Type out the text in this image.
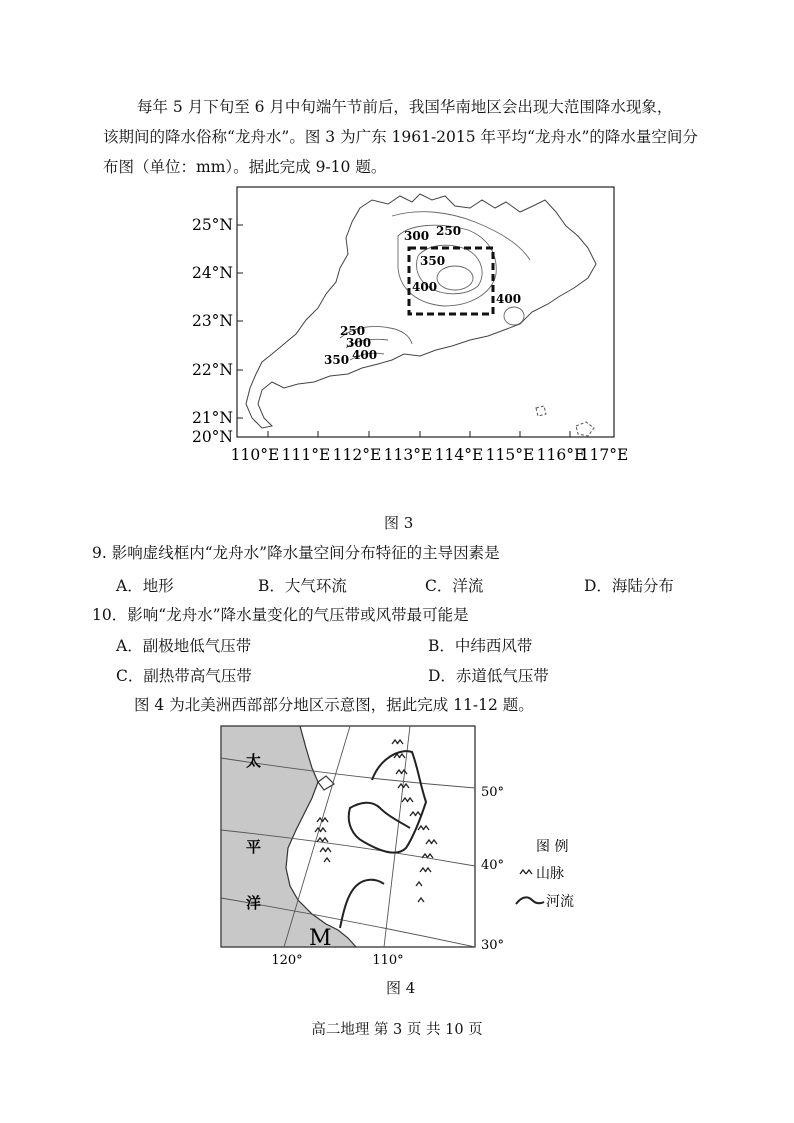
每年 5 月下旬至 6 月中旬端午节前后，我国华南地区会出现大范围降水现象，

该期间的降水俗称“龙舟水”。图 3 为广东 1961-2015 年平均“龙舟水”的降水量空间分

布图（单位：mm）。据此完成 9-10 题。

250
300
350
400
400
250
300
400
350
25°N
24°N
23°N
22°N
21°N
20°N
110°E 111°E 112°E 113°E 114°E 115°E 116°E
117°E
图 3
9. 影响虚线框内“龙舟水”降水量空间分布特征的主导因素是
A．地形	B．大气环流	C．洋流	D．海陆分布
10．影响“龙舟水”降水量变化的气压带或风带最可能是
A．副极地低气压带	B．中纬西风带
C．副热带高气压带	D．赤道低气压带
图 4 为北美洲西部部分地区示意图，据此完成 11-12 题。
太
平
洋
M
50°
40°
30°
120°	110°
图 例
山脉
河流
图 4
高二地理 第 3 页 共 10 页
